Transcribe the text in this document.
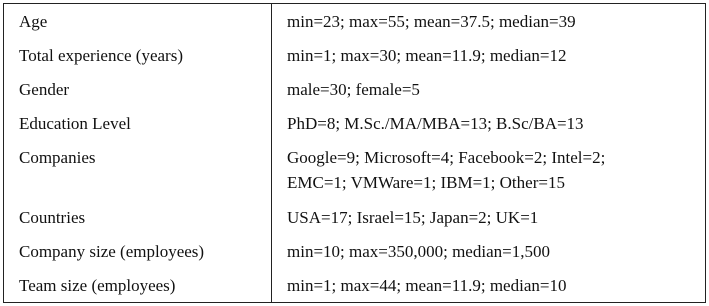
Age	min=23; max=55; mean=37.5; median=39
Total experience (years)	min=1; max=30; mean=11.9; median=12
Gender	male=30; female=5
Education Level	PhD=8; M.Sc./MA/MBA=13; B.Sc/BA=13
Companies	Google=9; Microsoft=4; Facebook=2; Intel=2;
EMC=1; VMWare=1; IBM=1; Other=15

Countries	USA=17; Israel=15; Japan=2; UK=1
Company size (employees)	min=10; max=350,000; median=1,500
Team size (employees)	min=1; max=44; mean=11.9; median=10
